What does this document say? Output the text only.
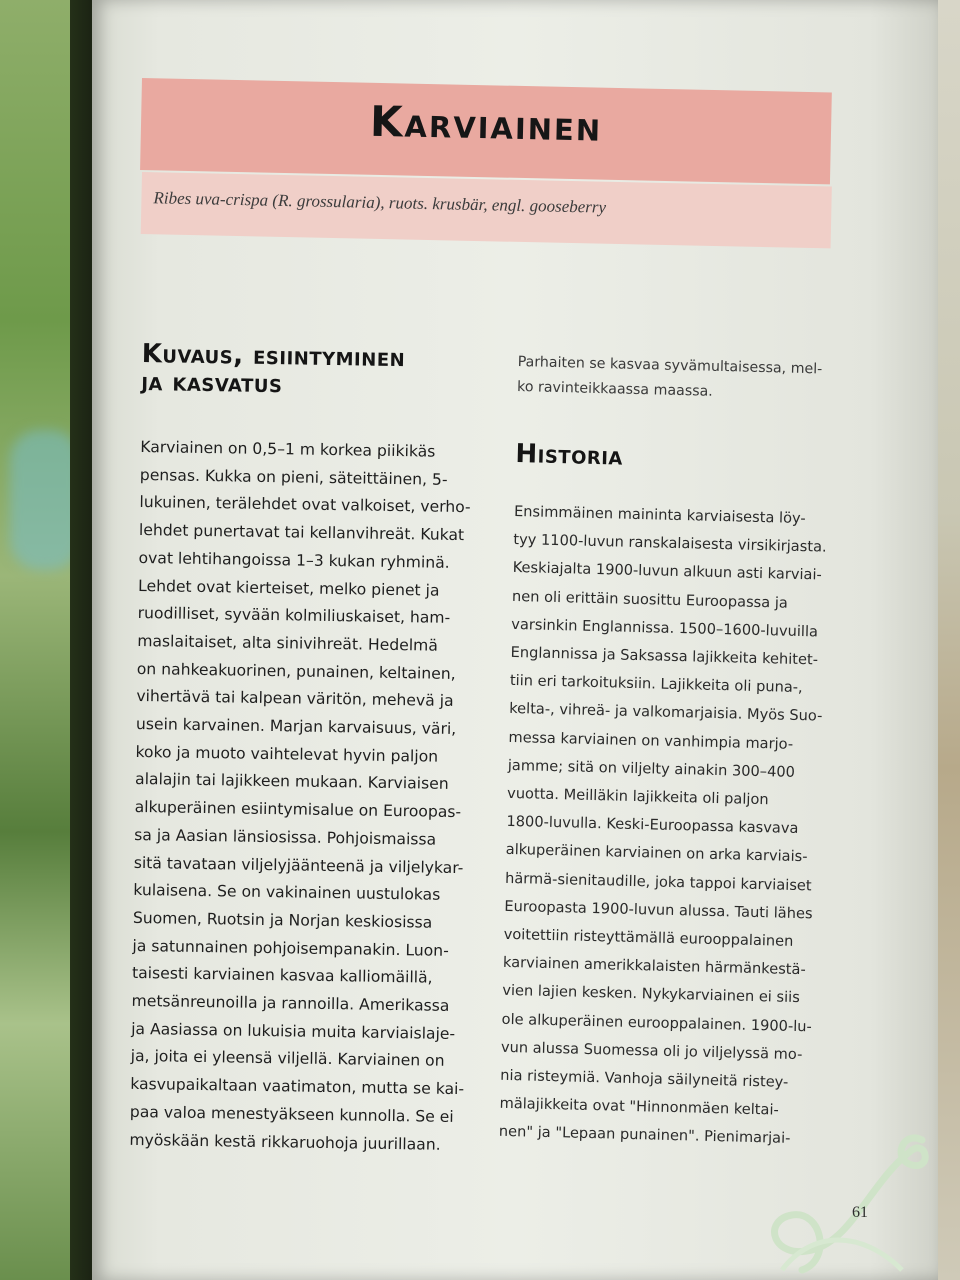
Karviainen

Ribes uva-crispa (R. grossularia), ruots. krusbär, engl. gooseberry

Kuvaus, esiintyminen
ja kasvatus
Karviainen on 0,5–1 m korkea piikikäs
pensas. Kukka on pieni, säteittäinen, 5-
lukuinen, terälehdet ovat valkoiset, verho-
lehdet punertavat tai kellanvihreät. Kukat
ovat lehtihangoissa 1–3 kukan ryhminä.
Lehdet ovat kierteiset, melko pienet ja
ruodilliset, syvään kolmiliuskaiset, ham-
maslaitaiset, alta sinivihreät. Hedelmä
on nahkeakuorinen, punainen, keltainen,
vihertävä tai kalpean väritön, mehevä ja
usein karvainen. Marjan karvaisuus, väri,
koko ja muoto vaihtelevat hyvin paljon
alalajin tai lajikkeen mukaan. Karviaisen
alkuperäinen esiintymisalue on Euroopas-
sa ja Aasian länsiosissa. Pohjoismaissa
sitä tavataan viljelyjäänteenä ja viljelykar-
kulaisena. Se on vakinainen uustulokas
Suomen, Ruotsin ja Norjan keskiosissa
ja satunnainen pohjoisempanakin. Luon-
taisesti karviainen kasvaa kalliomäillä,
metsänreunoilla ja rannoilla. Amerikassa
ja Aasiassa on lukuisia muita karviaislaje-
ja, joita ei yleensä viljellä. Karviainen on
kasvupaikaltaan vaatimaton, mutta se kai-
paa valoa menestyäkseen kunnolla. Se ei
myöskään kestä rikkaruohoja juurillaan.
Parhaiten se kasvaa syvämultaisessa, mel-
ko ravinteikkaassa maassa.
Historia
Ensimmäinen maininta karviaisesta löy-
tyy 1100-luvun ranskalaisesta virsikirjasta.
Keskiajalta 1900-luvun alkuun asti karviai-
nen oli erittäin suosittu Euroopassa ja
varsinkin Englannissa. 1500–1600-luvuilla
Englannissa ja Saksassa lajikkeita kehitet-
tiin eri tarkoituksiin. Lajikkeita oli puna-,
kelta-, vihreä- ja valkomarjaisia. Myös Suo-
messa karviainen on vanhimpia marjo-
jamme; sitä on viljelty ainakin 300–400
vuotta. Meilläkin lajikkeita oli paljon
1800-luvulla. Keski-Euroopassa kasvava
alkuperäinen karviainen on arka karviais-
härmä-sienitaudille, joka tappoi karviaiset
Euroopasta 1900-luvun alussa. Tauti lähes
voitettiin risteyttämällä eurooppalainen
karviainen amerikkalaisten härmänkestä-
vien lajien kesken. Nykykarviainen ei siis
ole alkuperäinen eurooppalainen. 1900-lu-
vun alussa Suomessa oli jo viljelyssä mo-
nia risteymiä. Vanhoja säilyneitä ristey-
mälajikkeita ovat "Hinnonmäen keltai-
nen" ja "Lepaan punainen". Pienimarjai-
61
